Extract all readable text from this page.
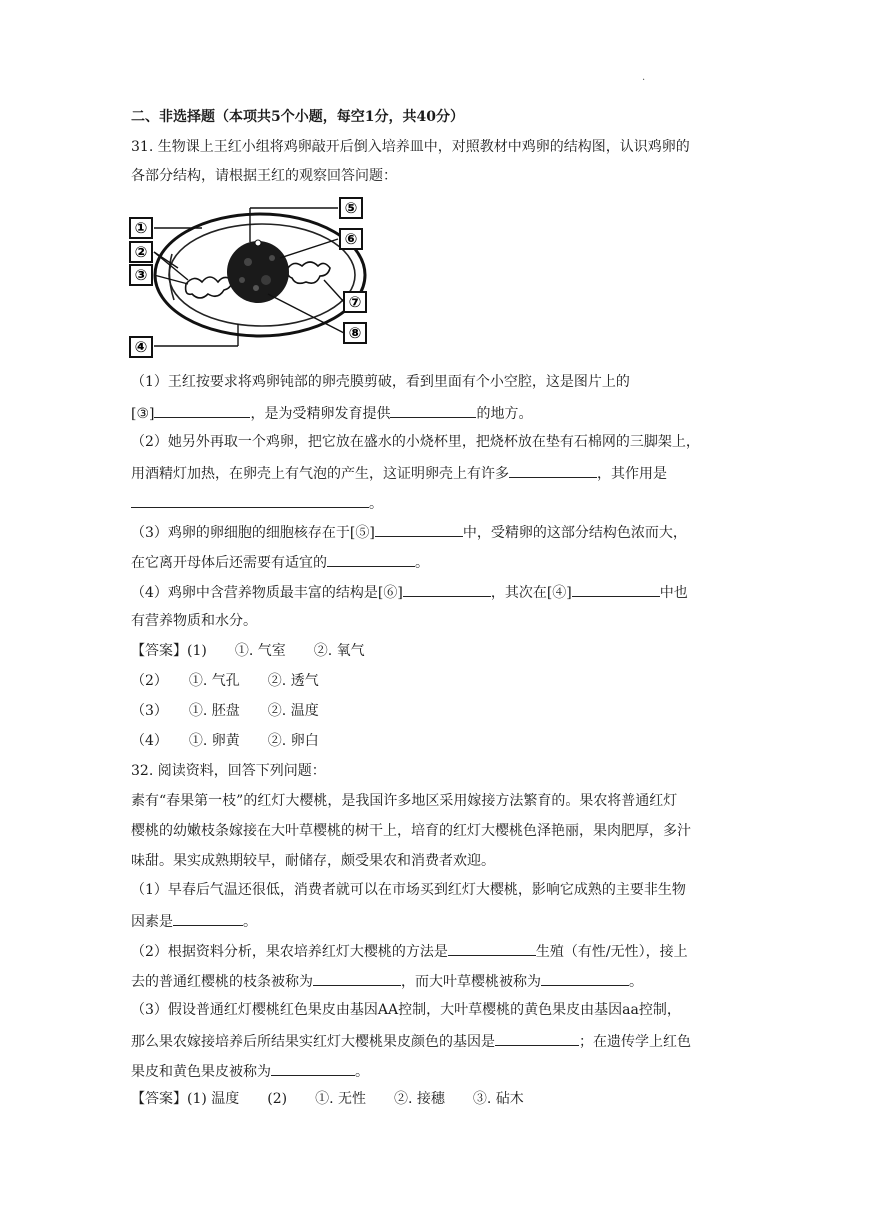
.
二、非选择题（本项共5个小题，每空1分，共40分）
31. 生物课上王红小组将鸡卵敲开后倒入培养皿中，对照教材中鸡卵的结构图，认识鸡卵的
各部分结构，请根据王红的观察回答问题：
①
②
③
④
⑤
⑥
⑦
⑧
（1）王红按要求将鸡卵钝部的卵壳膜剪破，看到里面有个小空腔，这是图片上的
[③]	，是为受精卵发育提供	的地方。
（2）她另外再取一个鸡卵，把它放在盛水的小烧杯里，把烧杯放在垫有石棉网的三脚架上，
用酒精灯加热，在卵壳上有气泡的产生，这证明卵壳上有许多	，其作用是
。
（3）鸡卵的卵细胞的细胞核存在于[⑤]	中，受精卵的这部分结构色浓而大，
在它离开母体后还需要有适宜的	。
（4）鸡卵中含营养物质最丰富的结构是[⑥]	，其次在[④]	中也
有营养物质和水分。
【答案】(1)　　①. 气室　　②. 氧气
（2）　　①. 气孔　　②. 透气
（3）　　①. 胚盘　　②. 温度
（4）　　①. 卵黄　　②. 卵白
32. 阅读资料，回答下列问题：
素有“春果第一枝”的红灯大樱桃，是我国许多地区采用嫁接方法繁育的。果农将普通红灯
樱桃的幼嫩枝条嫁接在大叶草樱桃的树干上，培育的红灯大樱桃色泽艳丽，果肉肥厚，多汁
味甜。果实成熟期较早，耐储存，颇受果农和消费者欢迎。
（1）早春后气温还很低，消费者就可以在市场买到红灯大樱桃，影响它成熟的主要非生物
因素是	。
（2）根据资料分析，果农培养红灯大樱桃的方法是	生殖（有性/无性），接上
去的普通红樱桃的枝条被称为	，而大叶草樱桃被称为	。
（3）假设普通红灯樱桃红色果皮由基因AA控制，大叶草樱桃的黄色果皮由基因aa控制，
那么果农嫁接培养后所结果实红灯大樱桃果皮颜色的基因是	；在遗传学上红色
果皮和黄色果皮被称为	。
【答案】(1) 温度　　(2)　　①. 无性　　②. 接穗　　③. 砧木
